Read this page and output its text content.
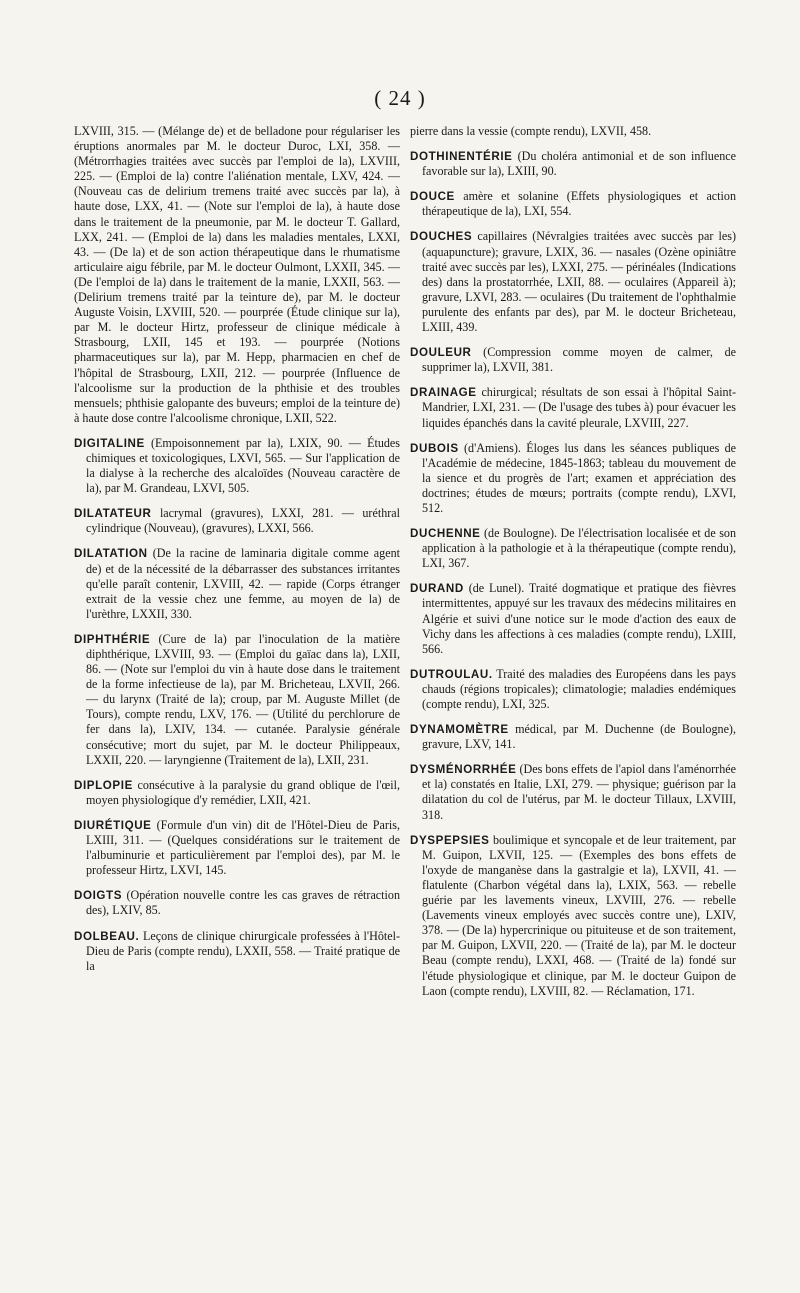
( 24 )

LXVIII, 315. — (Mélange de) et de belladone pour régulariser les éruptions anormales par M. le docteur Duroc, LXI, 358. — (Métrorrhagies traitées avec succès par l'emploi de la), LXVIII, 225. — (Emploi de la) contre l'aliénation mentale, LXV, 424. — (Nouveau cas de delirium tremens traité avec succès par la), à haute dose, LXX, 41. — (Note sur l'emploi de la), à haute dose dans le traitement de la pneumonie, par M. le docteur T. Gallard, LXX, 241. — (Emploi de la) dans les maladies mentales, LXXI, 43. — (De la) et de son action thérapeutique dans le rhumatisme articulaire aigu fébrile, par M. le docteur Oulmont, LXXII, 345. — (De l'emploi de la) dans le traitement de la manie, LXXII, 563. — (Delirium tremens traité par la teinture de), par M. le docteur Auguste Voisin, LXVIII, 520. — pourprée (Étude clinique sur la), par M. le docteur Hirtz, professeur de clinique médicale à Strasbourg, LXII, 145 et 193. — pourprée (Notions pharmaceutiques sur la), par M. Hepp, pharmacien en chef de l'hôpital de Strasbourg, LXII, 212. — pourprée (Influence de l'alcoolisme sur la production de la phthisie et des troubles mensuels; phthisie galopante des buveurs; emploi de la teinture de) à haute dose contre l'alcoolisme chronique, LXII, 522.

DIGITALINE (Empoisonnement par la), LXIX, 90. — Études chimiques et toxicologiques, LXVI, 565. — Sur l'application de la dialyse à la recherche des alcaloïdes (Nouveau caractère de la), par M. Grandeau, LXVI, 505.

DILATATEUR lacrymal (gravures), LXXI, 281. — uréthral cylindrique (Nouveau), (gravures), LXXI, 566.

DILATATION (De la racine de laminaria digitale comme agent de) et de la nécessité de la débarrasser des substances irritantes qu'elle paraît contenir, LXVIII, 42. — rapide (Corps étranger extrait de la vessie chez une femme, au moyen de la) de l'urèthre, LXXII, 330.

DIPHTHÉRIE (Cure de la) par l'inoculation de la matière diphthérique, LXVIII, 93. — (Emploi du gaïac dans la), LXII, 86. — (Note sur l'emploi du vin à haute dose dans le traitement de la forme infectieuse de la), par M. Bricheteau, LXVII, 266. — du larynx (Traité de la); croup, par M. Auguste Millet (de Tours), compte rendu, LXV, 176. — (Utilité du perchlorure de fer dans la), LXIV, 134. — cutanée. Paralysie générale consécutive; mort du sujet, par M. le docteur Philippeaux, LXXII, 220. — laryngienne (Traitement de la), LXII, 231.

DIPLOPIE consécutive à la paralysie du grand oblique de l'œil, moyen physiologique d'y remédier, LXII, 421.

DIURÉTIQUE (Formule d'un vin) dit de l'Hôtel-Dieu de Paris, LXIII, 311. — (Quelques considérations sur le traitement de l'albuminurie et particulièrement par l'emploi des), par M. le professeur Hirtz, LXVI, 145.

DOIGTS (Opération nouvelle contre les cas graves de rétraction des), LXIV, 85.

DOLBEAU. Leçons de clinique chirurgicale professées à l'Hôtel-Dieu de Paris (compte rendu), LXXII, 558. — Traité pratique de la

pierre dans la vessie (compte rendu), LXVII, 458.

DOTHINENTÉRIE (Du choléra antimonial et de son influence favorable sur la), LXIII, 90.

DOUCE amère et solanine (Effets physiologiques et action thérapeutique de la), LXI, 554.

DOUCHES capillaires (Névralgies traitées avec succès par les) (aquapuncture); gravure, LXIX, 36. — nasales (Ozène opiniâtre traité avec succès par les), LXXI, 275. — périnéales (Indications des) dans la prostatorrhée, LXII, 88. — oculaires (Appareil à); gravure, LXVI, 283. — oculaires (Du traitement de l'ophthalmie purulente des enfants par des), par M. le docteur Bricheteau, LXIII, 439.

DOULEUR (Compression comme moyen de calmer, de supprimer la), LXVII, 381.

DRAINAGE chirurgical; résultats de son essai à l'hôpital Saint-Mandrier, LXI, 231. — (De l'usage des tubes à) pour évacuer les liquides épanchés dans la cavité pleurale, LXVIII, 227.

DUBOIS (d'Amiens). Éloges lus dans les séances publiques de l'Académie de médecine, 1845-1863; tableau du mouvement de la sience et du progrès de l'art; examen et appréciation des doctrines; études de mœurs; portraits (compte rendu), LXVI, 512.

DUCHENNE (de Boulogne). De l'électrisation localisée et de son application à la pathologie et à la thérapeutique (compte rendu), LXI, 367.

DURAND (de Lunel). Traité dogmatique et pratique des fièvres intermittentes, appuyé sur les travaux des médecins militaires en Algérie et suivi d'une notice sur le mode d'action des eaux de Vichy dans les affections à ces maladies (compte rendu), LXIII, 566.

DUTROULAU. Traité des maladies des Européens dans les pays chauds (régions tropicales); climatologie; maladies endémiques (compte rendu), LXI, 325.

DYNAMOMÈTRE médical, par M. Duchenne (de Boulogne), gravure, LXV, 141.

DYSMÉNORRHÉE (Des bons effets de l'apiol dans l'aménorrhée et la) constatés en Italie, LXI, 279. — physique; guérison par la dilatation du col de l'utérus, par M. le docteur Tillaux, LXVIII, 318.

DYSPEPSIES boulimique et syncopale et de leur traitement, par M. Guipon, LXVII, 125. — (Exemples des bons effets de l'oxyde de manganèse dans la gastralgie et la), LXVII, 41. — flatulente (Charbon végétal dans la), LXIX, 563. — rebelle guérie par les lavements vineux, LXVIII, 276. — rebelle (Lavements vineux employés avec succès contre une), LXIV, 378. — (De la) hypercrinique ou pituiteuse et de son traitement, par M. Guipon, LXVII, 220. — (Traité de la), par M. le docteur Beau (compte rendu), LXXI, 468. — (Traité de la) fondé sur l'étude physiologique et clinique, par M. le docteur Guipon de Laon (compte rendu), LXVIII, 82. — Réclamation, 171.
